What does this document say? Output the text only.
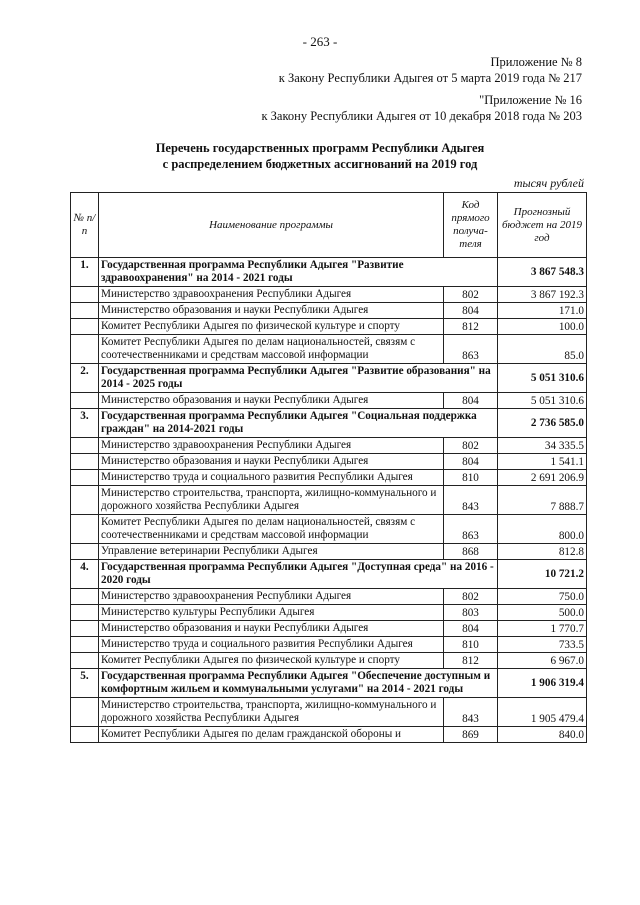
- 263 -
Приложение № 8
к Закону Республики Адыгея от 5 марта 2019 года № 217
"Приложение № 16
к Закону Республики Адыгея от 10 декабря 2018 года № 203
Перечень государственных программ Республики Адыгея
с распределением бюджетных ассигнований на 2019 год
тысяч рублей
№ п/п	Наименование программы	Код прямого получа-теля	Прогнозный бюджет на 2019 год
1.	Государственная программа Республики Адыгея "Развитие здравоохранения" на 2014 - 2021 годы		3 867 548.3
	Министерство здравоохранения Республики Адыгея	802	3 867 192.3
	Министерство образования и науки Республики Адыгея	804	171.0
	Комитет Республики Адыгея по физической культуре и спорту	812	100.0
	Комитет Республики Адыгея по делам национальностей, связям с соотечественниками и средствам массовой информации	863	85.0
2.	Государственная программа Республики Адыгея "Развитие образования" на 2014 - 2025 годы		5 051 310.6
	Министерство образования и науки Республики Адыгея	804	5 051 310.6
3.	Государственная программа Республики Адыгея "Социальная поддержка граждан" на 2014-2021 годы		2 736 585.0
	Министерство здравоохранения Республики Адыгея	802	34 335.5
	Министерство образования и науки Республики Адыгея	804	1 541.1
	Министерство труда и социального развития Республики Адыгея	810	2 691 206.9
	Министерство строительства, транспорта, жилищно-коммунального и дорожного хозяйства Республики Адыгея	843	7 888.7
	Комитет Республики Адыгея по делам национальностей, связям с соотечественниками и средствам массовой информации	863	800.0
	Управление ветеринарии Республики Адыгея	868	812.8
4.	Государственная программа Республики Адыгея "Доступная среда" на 2016 - 2020 годы		10 721.2
	Министерство здравоохранения Республики Адыгея	802	750.0
	Министерство культуры Республики Адыгея	803	500.0
	Министерство образования и науки Республики Адыгея	804	1 770.7
	Министерство труда и социального развития Республики Адыгея	810	733.5
	Комитет Республики Адыгея по физической культуре и спорту	812	6 967.0
5.	Государственная программа Республики Адыгея "Обеспечение доступным и комфортным жильем и коммунальными услугами" на 2014 - 2021 годы		1 906 319.4
	Министерство строительства, транспорта, жилищно-коммунального и дорожного хозяйства Республики Адыгея	843	1 905 479.4
	Комитет Республики Адыгея по делам гражданской обороны и	869	840.0
